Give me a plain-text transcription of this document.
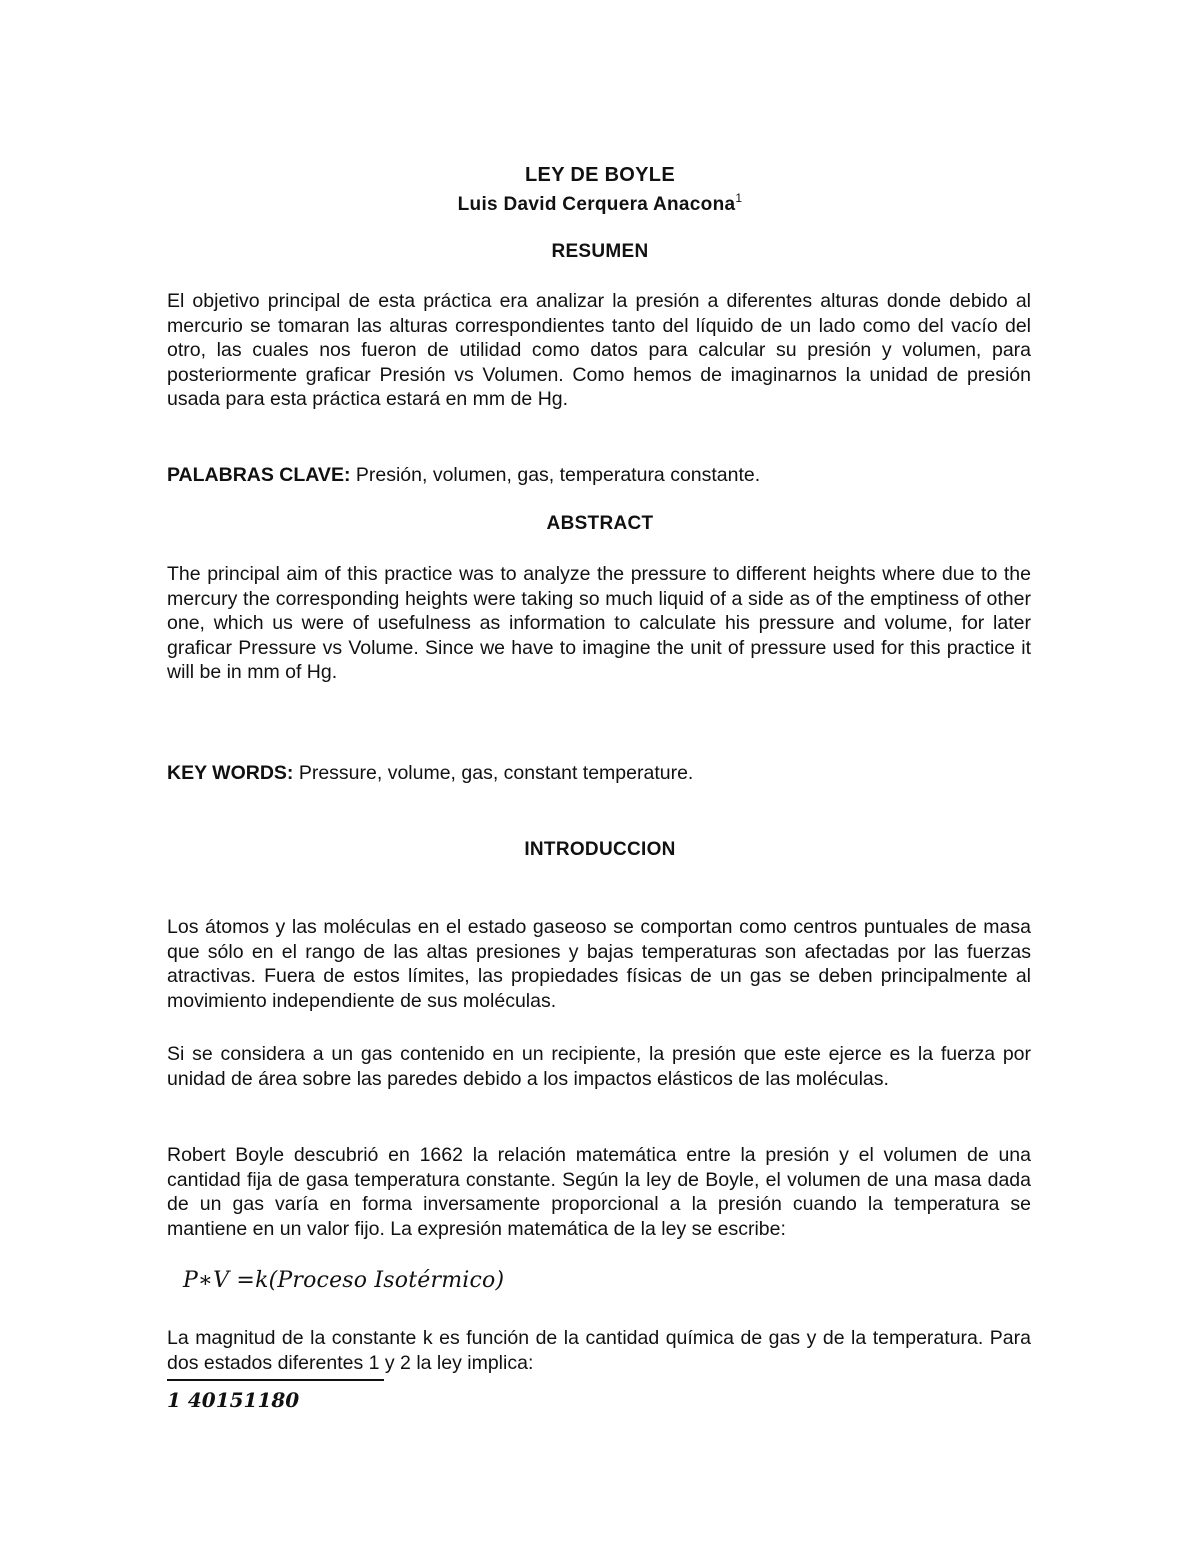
LEY DE BOYLE
Luis David Cerquera Anacona$^1$
RESUMEN

El objetivo principal de esta práctica era analizar la presión a diferentes alturas donde debido al mercurio se tomaran las alturas correspondientes tanto del líquido de un lado como del vacío del otro, las cuales nos fueron de utilidad como datos para calcular su presión y volumen, para posteriormente graficar Presión vs Volumen. Como hemos de imaginarnos la unidad de presión usada para esta práctica estará en mm de Hg.

PALABRAS CLAVE: Presión, volumen, gas, temperatura constante.

ABSTRACT

The principal aim of this practice was to analyze the pressure to different heights where due to the mercury the corresponding heights were taking so much liquid of a side as of the emptiness of other one, which us were of usefulness as information to calculate his pressure and volume, for later graficar Pressure vs Volume. Since we have to imagine the unit of pressure used for this practice it will be in mm of Hg.

KEY WORDS: Pressure, volume, gas, constant temperature.

INTRODUCCION

Los átomos y las moléculas en el estado gaseoso se comportan como centros puntuales de masa que sólo en el rango de las altas presiones y bajas temperaturas son afectadas por las fuerzas atractivas. Fuera de estos límites, las propiedades físicas de un gas se deben principalmente al movimiento independiente de sus moléculas.

Si se considera a un gas contenido en un recipiente, la presión que este ejerce es la fuerza por unidad de área sobre las paredes debido a los impactos elásticos de las moléculas.

Robert Boyle descubrió en 1662 la relación matemática entre la presión y el volumen de una cantidad fija de gasa temperatura constante. Según la ley de Boyle, el volumen de una masa dada de un gas varía en forma inversamente proporcional a la presión cuando la temperatura se mantiene en un valor fijo. La expresión matemática de la ley se escribe:

P∗V =k(Proceso Isotérmico)

La magnitud de la constante k es función de la cantidad química de gas y de la temperatura. Para dos estados diferentes 1 y 2 la ley implica:

1 40151180
